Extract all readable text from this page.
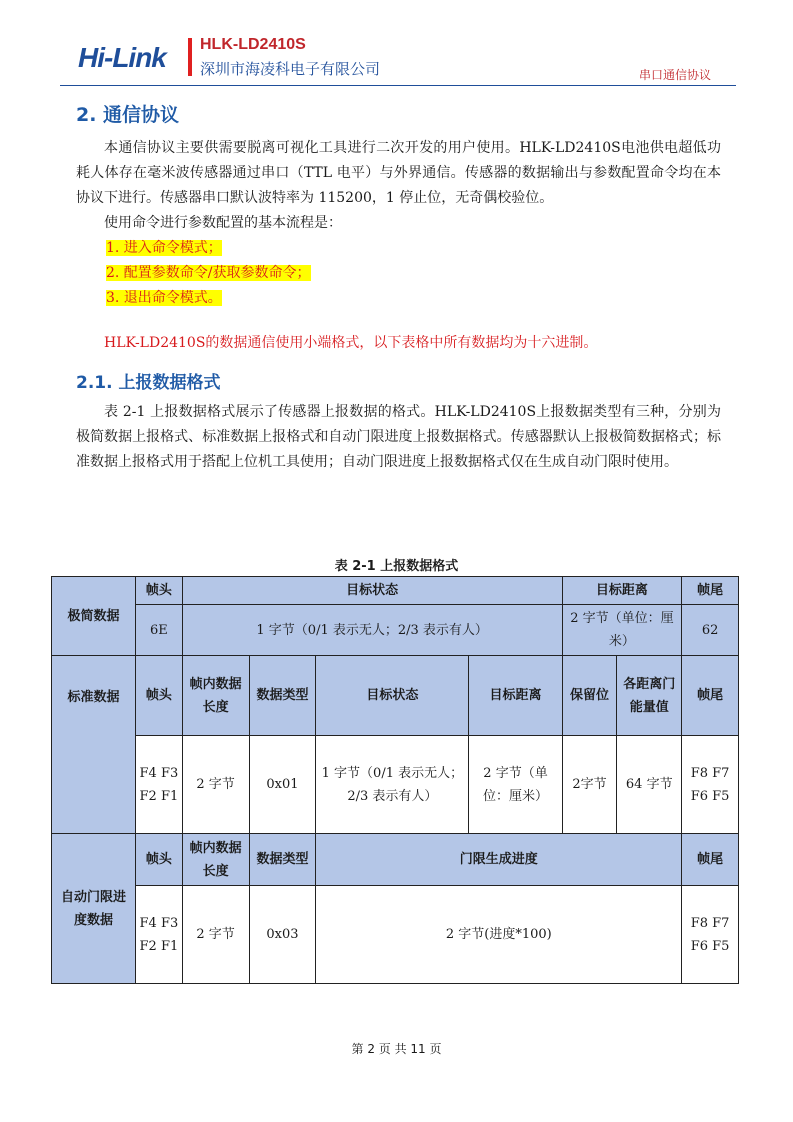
Hi-Link HLK-LD2410S
深圳市海凌科电子有限公司	串口通信协议
2. 通信协议

本通信协议主要供需要脱离可视化工具进行二次开发的用户使用。HLK-LD2410S电池供电超低功耗人体存在毫米波传感器通过串口（TTL 电平）与外界通信。传感器的数据输出与参数配置命令均在本协议下进行。传感器串口默认波特率为 115200，1 停止位，无奇偶校验位。

使用命令进行参数配置的基本流程是：

1. 进入命令模式；

2. 配置参数命令/获取参数命令；

3. 退出命令模式。

HLK-LD2410S的数据通信使用小端格式，以下表格中所有数据均为十六进制。

2.1. 上报数据格式

表 2-1 上报数据格式展示了传感器上报数据的格式。HLK-LD2410S上报数据类型有三种，分别为极简数据上报格式、标准数据上报格式和自动门限进度上报数据格式。传感器默认上报极简数据格式；标准数据上报格式用于搭配上位机工具使用；自动门限进度上报数据格式仅在生成自动门限时使用。

表 2-1 上报数据格式
极简数据	帧头	目标状态				目标距离		帧尾
	6E	1 字节（0/1 表示无人；2/3 表示有人）				2 字节（单位：厘米）		62
标准数据	帧头	帧内数据长度	数据类型	目标状态	目标距离	保留位	各距离门能量值	帧尾
	F4 F3 F2 F1	2 字节	0x01	1 字节（0/1 表示无人；2/3 表示有人）	2 字节（单位：厘米）	2字节	64 字节	F8 F7 F6 F5
自动门限进度数据	帧头	帧内数据长度	数据类型	门限生成进度				帧尾
	F4 F3 F2 F1	2 字节	0x03	2 字节(进度*100)				F8 F7 F6 F5
第 2 页 共 11 页
